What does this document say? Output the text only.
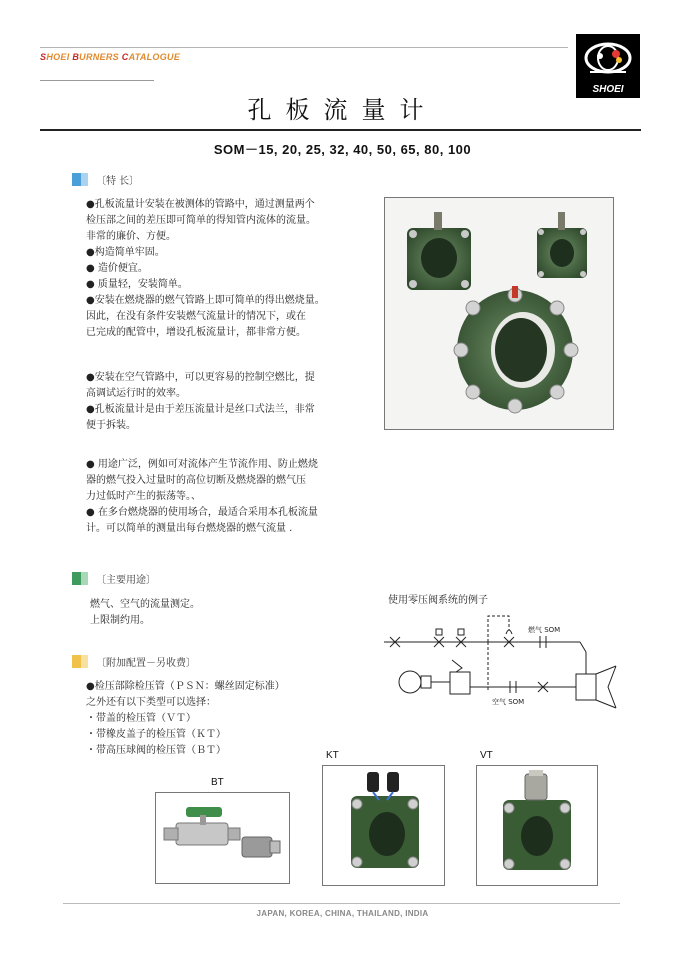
SHOEI BURNERS CATALOGUE
SHOEI
孔板流量计
SOM－15, 20, 25, 32, 40, 50, 65, 80, 100
〔特 长〕
●孔板流量计安装在被测体的管路中，通过测量两个
检压部之间的差压即可简单的得知管内流体的流量。
非常的廉价、方便。
●构造简单牢固。
● 造价便宜。
● 质量轻，安装简单。
●安装在燃烧器的燃气管路上即可简单的得出燃烧量。
因此，在没有条件安装燃气流量计的情况下，或在
已完成的配管中，增设孔板流量计，都非常方便。
●安装在空气管路中，可以更容易的控制空燃比，提
高调试运行时的效率。
●孔板流量计是由于差压流量计是丝口式法兰，非常
便于拆装。
● 用途广泛，例如可对流体产生节流作用、防止燃烧
器的燃气投入过量时的高位切断及燃烧器的燃气压
力过低时产生的振荡等。、
● 在多台燃烧器的使用场合，最适合采用本孔板流量
计。可以简单的测量出每台燃烧器的燃气流量 .
〔主要用途〕
燃气、空气的流量测定。
上限制约用。
使用零压阀系统的例子
燃气 SOM
空气 SOM
〔附加配置－另收费〕
●检压部除检压管（ＰＳＮ：螺丝固定标准）
之外还有以下类型可以选择：
・带盖的检压管（ＶＴ）
・带橡皮盖子的检压管（ＫＴ）
・带高压球阀的检压管（ＢＴ）
BT
KT	VT
JAPAN, KOREA, CHINA, THAILAND, INDIA
